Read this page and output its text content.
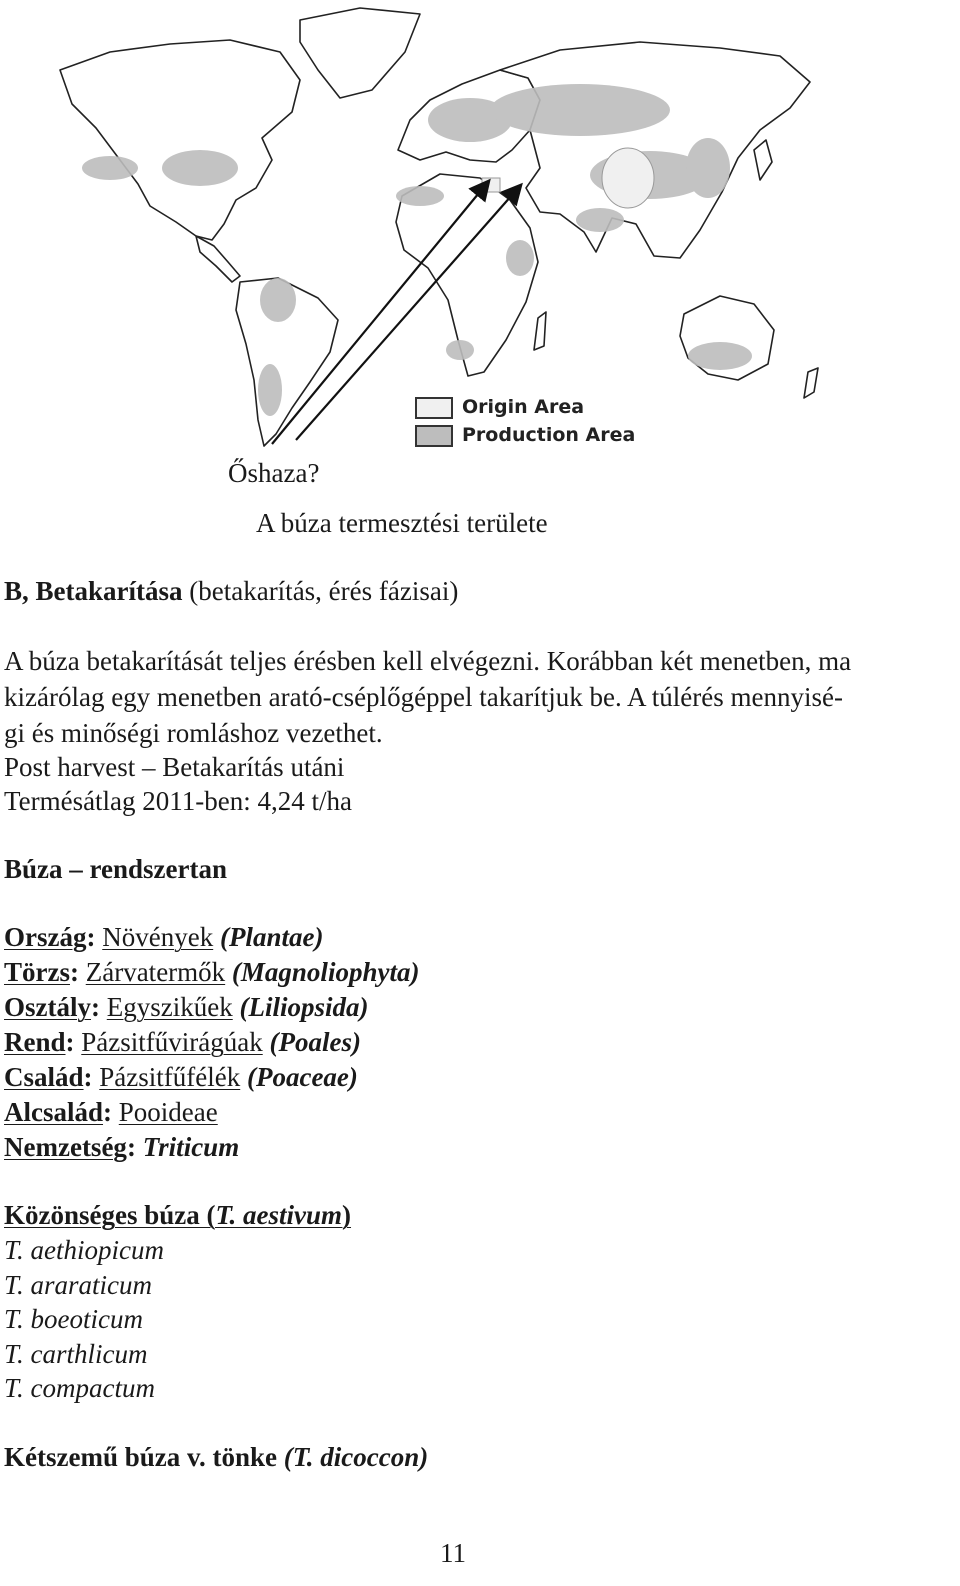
Origin Area
Production Area
Őshaza?
A búza termesztési területe
B, Betakarítása (betakarítás, érés fázisai)
A búza betakarítását teljes érésben kell elvégezni. Korábban két menetben, ma
kizárólag egy menetben arató-cséplőgéppel takarítjuk be. A túlérés mennyisé-
gi és minőségi romláshoz vezethet.
Post harvest – Betakarítás utáni
Termésátlag 2011-ben: 4,24 t/ha
Búza – rendszertan
Ország: Növények (Plantae)
Törzs: Zárvatermők (Magnoliophyta)
Osztály: Egyszikűek (Liliopsida)
Rend: Pázsitfűvirágúak (Poales)
Család: Pázsitfűfélék (Poaceae)
Alcsalád: Pooideae
Nemzetség: Triticum
Közönséges búza (T. aestivum)
T. aethiopicum
T. araraticum
T. boeoticum
T. carthlicum
T. compactum
Kétszemű búza v. tönke (T. dicoccon)
11
